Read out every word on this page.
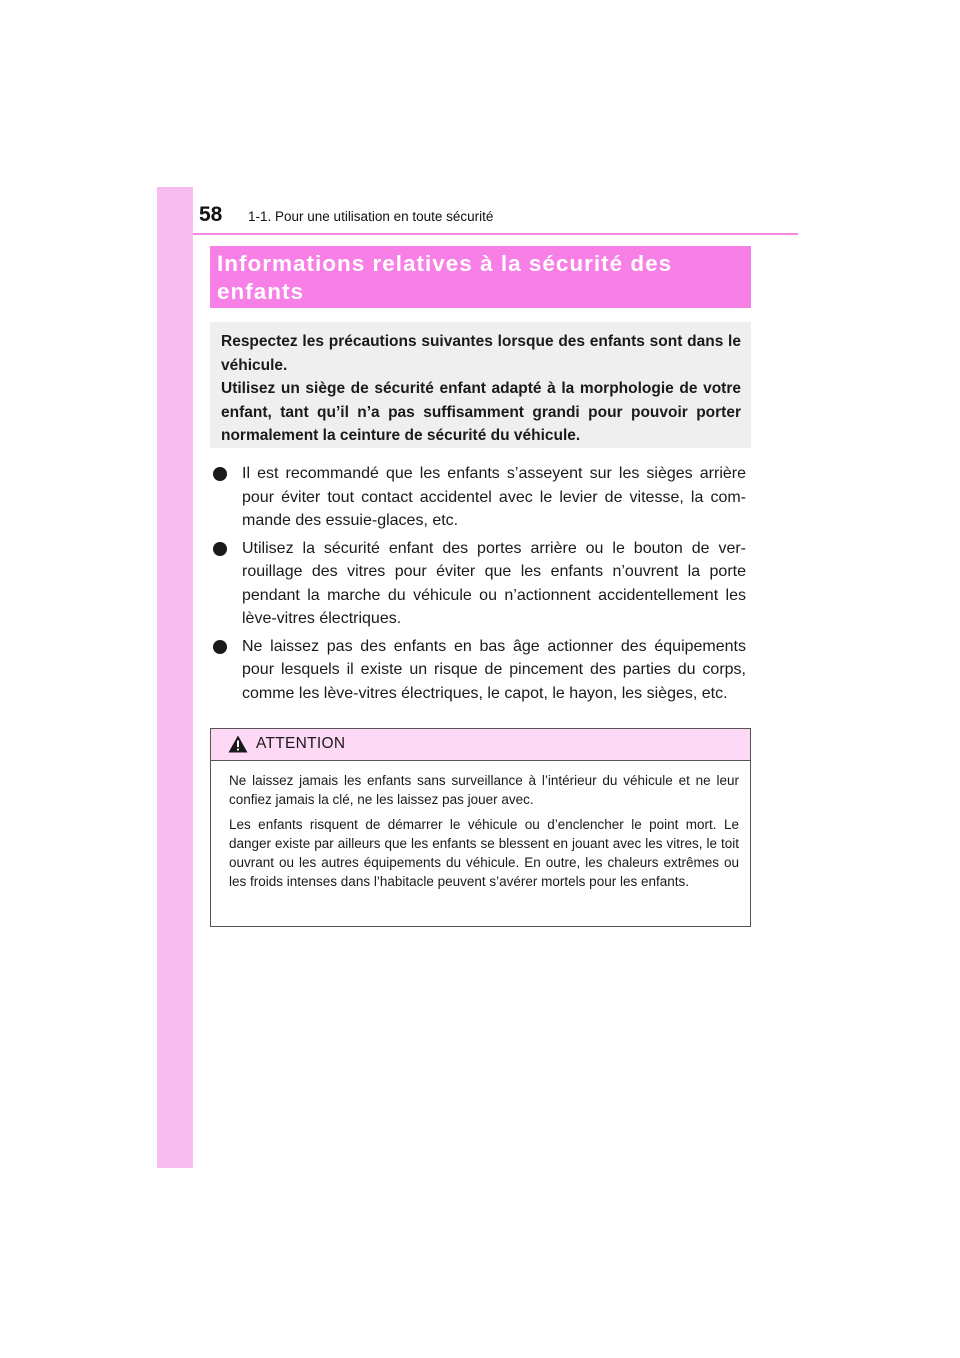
58 1-1. Pour une utilisation en toute sécurité
Informations relatives à la sécurité des enfants

Respectez les précautions suivantes lorsque des enfants sont dans le véhicule.

Utilisez un siège de sécurité enfant adapté à la morphologie de votre enfant, tant qu’il n’a pas suffisamment grandi pour pouvoir porter normalement la ceinture de sécurité du véhicule.

Il est recommandé que les enfants s’asseyent sur les sièges arrière pour éviter tout contact accidentel avec le levier de vitesse, la com-mande des essuie-glaces, etc.
Utilisez la sécurité enfant des portes arrière ou le bouton de ver-rouillage des vitres pour éviter que les enfants n’ouvrent la porte pendant la marche du véhicule ou n’actionnent accidentellement les lève-vitres électriques.
Ne laissez pas des enfants en bas âge actionner des équipements pour lesquels il existe un risque de pincement des parties du corps, comme les lève-vitres électriques, le capot, le hayon, les sièges, etc.
ATTENTION

Ne laissez jamais les enfants sans surveillance à l’intérieur du véhicule et ne leur confiez jamais la clé, ne les laissez pas jouer avec.

Les enfants risquent de démarrer le véhicule ou d’enclencher le point mort. Le danger existe par ailleurs que les enfants se blessent en jouant avec les vitres, le toit ouvrant ou les autres équipements du véhicule. En outre, les chaleurs extrêmes ou les froids intenses dans l’habitacle peuvent s’avérer mortels pour les enfants.
